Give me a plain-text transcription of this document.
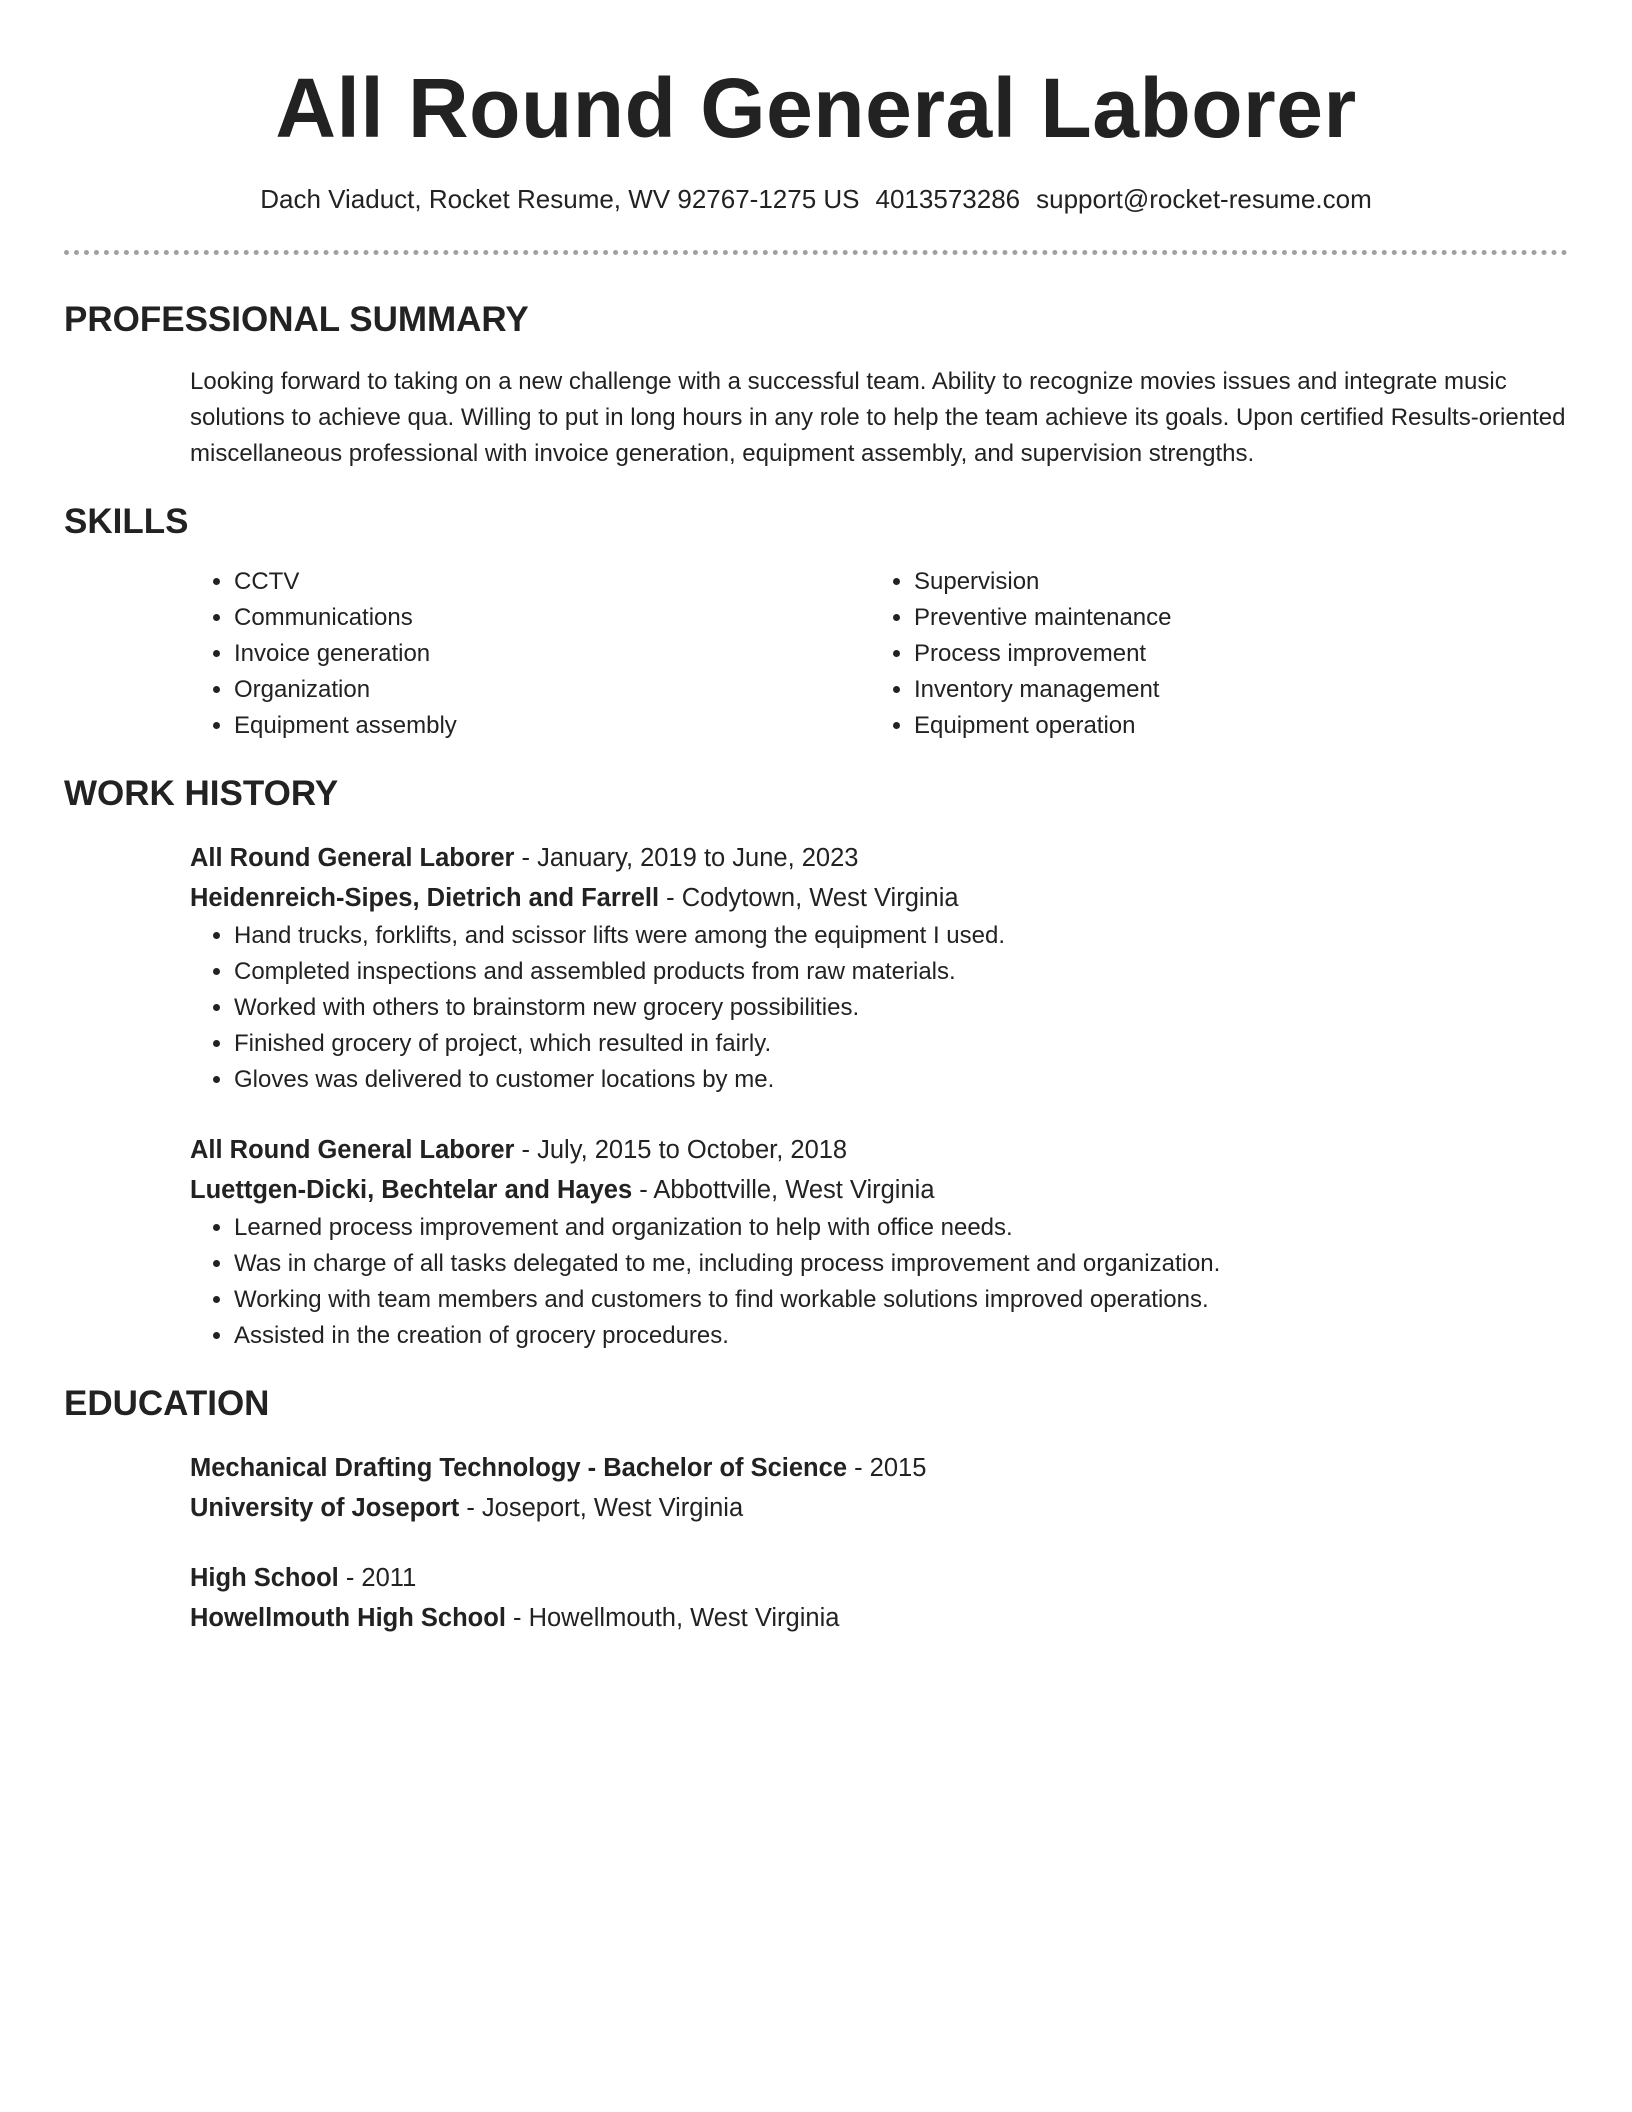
All Round General Laborer
Dach Viaduct, Rocket Resume, WV 92767-1275 US 4013573286 support@rocket-resume.com
PROFESSIONAL SUMMARY

Looking forward to taking on a new challenge with a successful team. Ability to recognize movies issues and integrate music solutions to achieve qua. Willing to put in long hours in any role to help the team achieve its goals. Upon certified Results-oriented miscellaneous professional with invoice generation, equipment assembly, and supervision strengths.

SKILLS
• CCTV
• Communications
• Invoice generation
• Organization
• Equipment assembly
• Supervision
• Preventive maintenance
• Process improvement
• Inventory management
• Equipment operation
WORK HISTORY
All Round General Laborer - January, 2019 to June, 2023
Heidenreich-Sipes, Dietrich and Farrell - Codytown, West Virginia
• Hand trucks, forklifts, and scissor lifts were among the equipment I used.
• Completed inspections and assembled products from raw materials.
• Worked with others to brainstorm new grocery possibilities.
• Finished grocery of project, which resulted in fairly.
• Gloves was delivered to customer locations by me.
All Round General Laborer - July, 2015 to October, 2018
Luettgen-Dicki, Bechtelar and Hayes - Abbottville, West Virginia
• Learned process improvement and organization to help with office needs.
• Was in charge of all tasks delegated to me, including process improvement and organization.
• Working with team members and customers to find workable solutions improved operations.
• Assisted in the creation of grocery procedures.
EDUCATION
Mechanical Drafting Technology - Bachelor of Science - 2015
University of Joseport - Joseport, West Virginia
High School - 2011
Howellmouth High School - Howellmouth, West Virginia
